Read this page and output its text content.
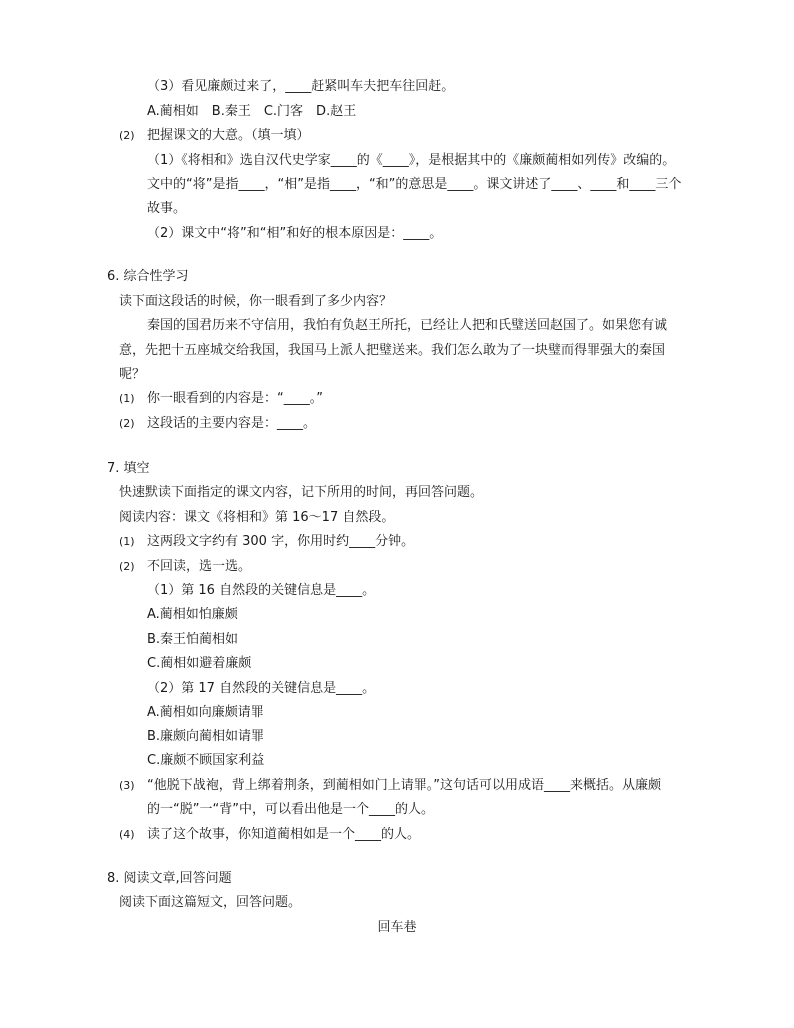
（3）看见廉颇过来了，____赶紧叫车夫把车往回赶。
A.蔺相如　B.秦王　C.门客　D.赵王
(2) 把握课文的大意。（填一填）
（1）《将相和》选自汉代史学家____的《____》，是根据其中的《廉颇蔺相如列传》改编的。
文中的“将”是指____，“相”是指____，“和”的意思是____。课文讲述了____、____和____三个
故事。
（2）课文中“将”和“相”和好的根本原因是：____。
6. 综合性学习
读下面这段话的时候，你一眼看到了多少内容？
秦国的国君历来不守信用，我怕有负赵王所托，已经让人把和氏璧送回赵国了。如果您有诚
意，先把十五座城交给我国，我国马上派人把璧送来。我们怎么敢为了一块璧而得罪强大的秦国
呢？
(1) 你一眼看到的内容是：“____。”
(2) 这段话的主要内容是：____。
7. 填空
快速默读下面指定的课文内容，记下所用的时间，再回答问题。
阅读内容：课文《将相和》第 16～17 自然段。
(1) 这两段文字约有 300 字，你用时约____分钟。
(2) 不回读，选一选。
（1）第 16 自然段的关键信息是____。
A.蔺相如怕廉颇
B.秦王怕蔺相如
C.蔺相如避着廉颇
（2）第 17 自然段的关键信息是____。
A.蔺相如向廉颇请罪
B.廉颇向蔺相如请罪
C.廉颇不顾国家利益
(3) “他脱下战袍，背上绑着荆条，到蔺相如门上请罪。”这句话可以用成语____来概括。从廉颇
的一“脱”一“背”中，可以看出他是一个____的人。
(4) 读了这个故事，你知道蔺相如是一个____的人。
8. 阅读文章,回答问题
阅读下面这篇短文，回答问题。
回车巷
